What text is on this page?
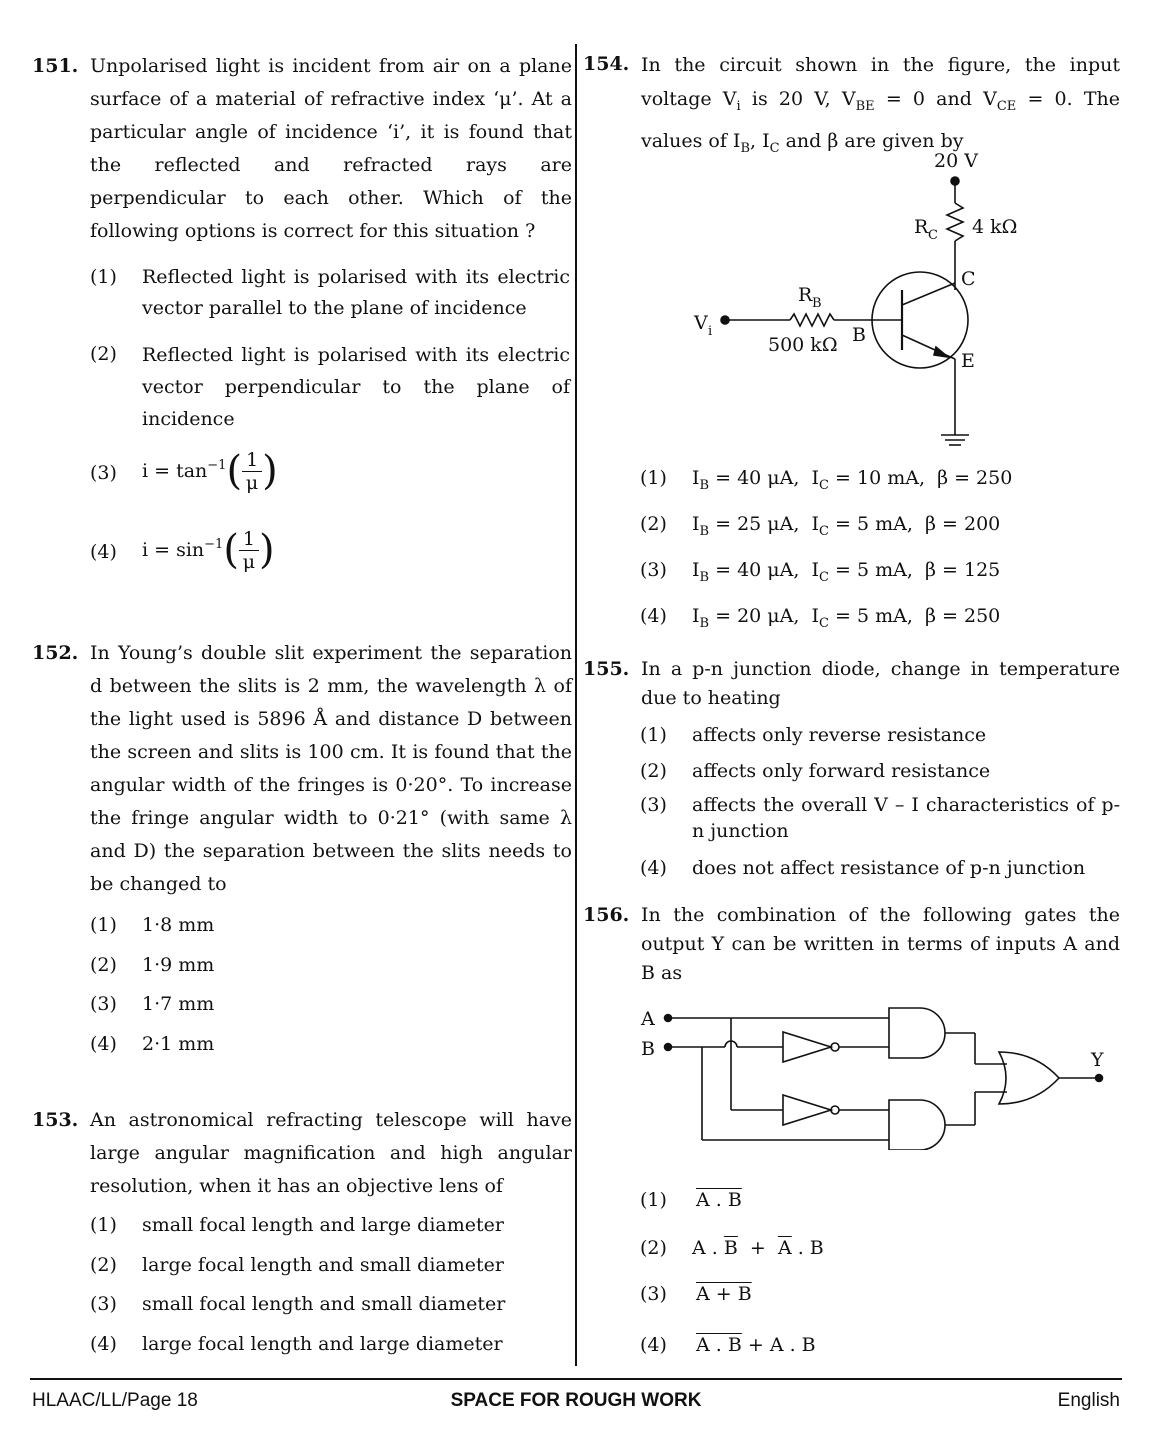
151. Unpolarised light is incident from air on a plane surface of a material of refractive index ‘μ’. At a particular angle of incidence ‘i’, it is found that the reflected and refracted rays are perpendicular to each other. Which of the following options is correct for this situation ?
(1) Reflected light is polarised with its electric vector parallel to the plane of incidence
(2) Reflected light is polarised with its electric vector perpendicular to the plane of incidence
(3) $i = \tan^{-1}$ ( $\frac{1}{\mu}$ )
(4) $i = \sin^{-1}$ ( $\frac{1}{\mu}$ )
152. In Young’s double slit experiment the separation d between the slits is 2 mm, the wavelength λ of the light used is 5896 Å and distance D between the screen and slits is 100 cm. It is found that the angular width of the fringes is 0·20°. To increase the fringe angular width to 0·21° (with same λ and D) the separation between the slits needs to be changed to
(1) 1·8 mm
(2) 1·9 mm
(3) 1·7 mm
(4) 2·1 mm
153. An astronomical refracting telescope will have large angular magnification and high angular resolution, when it has an objective lens of
(1) small focal length and large diameter
(2) large focal length and small diameter
(3) small focal length and small diameter
(4) large focal length and large diameter
154. In the circuit shown in the figure, the input voltage $V_i$ is 20 V, $V_{BE} = 0$ and $V_{CE} = 0$. The values of $I_B$, $I_C$ and β are given by
20 V
R C 4 kΩ
C
R B
V i	B
500 kΩ
E
(1) $I_B = 40$ μA, $I_C = 10$ mA, β = 250
(2) $I_B = 25$ μA, $I_C = 5$ mA, β = 200
(3) $I_B = 40$ μA, $I_C = 5$ mA, β = 125
(4) $I_B = 20$ μA, $I_C = 5$ mA, β = 250
155. In a p-n junction diode, change in temperature due to heating
(1) affects only reverse resistance
(2) affects only forward resistance
(3) affects the overall V – I characteristics of p-n junction
(4) does not affect resistance of p-n junction
156. In the combination of the following gates the output Y can be written in terms of inputs A and B as
A
B	Y
(1) A . B
(2) A . $\overline{B} + \overline{A}$ . B
(3) A + B
(4) A . B + A . B
HLAAC/LL/Page 18	SPACE FOR ROUGH WORK	English
